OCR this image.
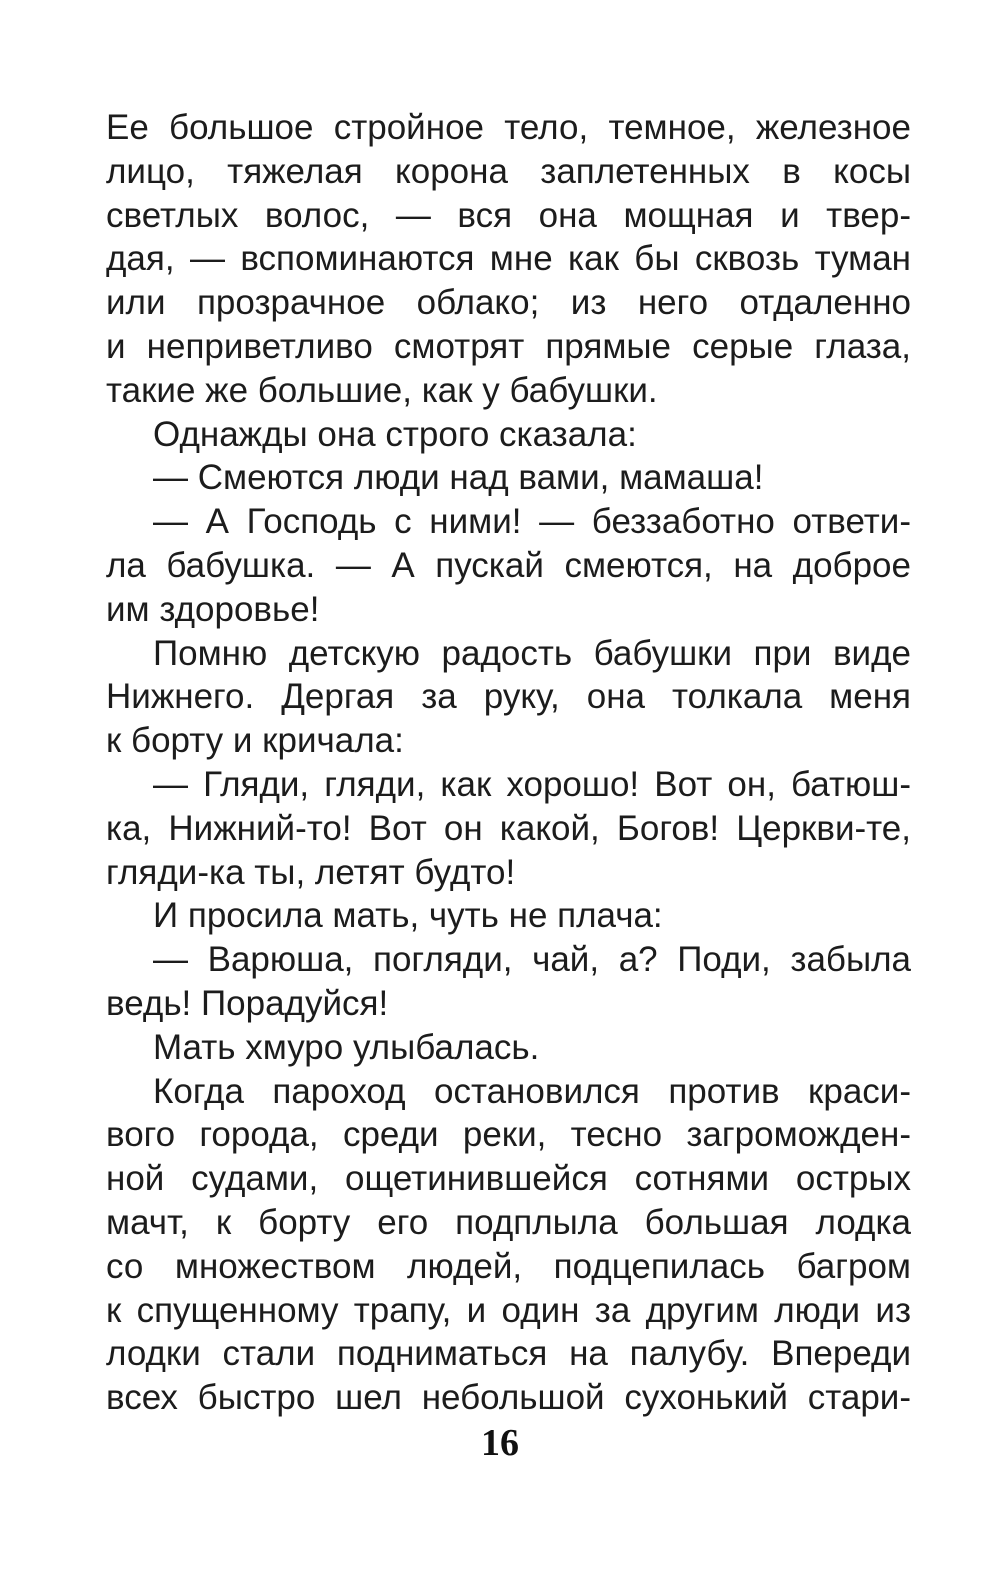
Ее большое стройное тело, темное, железное
лицо, тяжелая корона заплетенных в косы
светлых волос, — вся она мощная и твер-
дая, — вспоминаются мне как бы сквозь туман
или прозрачное облако; из него отдаленно
и неприветливо смотрят прямые серые глаза,
такие же большие, как у бабушки.

Однажды она строго сказала:

— Смеются люди над вами, мамаша!

— А Господь с ними! — беззаботно ответи-
ла бабушка. — А пускай смеются, на доброе
им здоровье!

Помню детскую радость бабушки при виде
Нижнего. Дергая за руку, она толкала меня
к борту и кричала:

— Гляди, гляди, как хорошо! Вот он, батюш-
ка, Нижний-то! Вот он какой, Богов! Церкви-те,
гляди-ка ты, летят будто!

И просила мать, чуть не плача:

— Варюша, погляди, чай, а? Поди, забыла
ведь! Порадуйся!

Мать хмуро улыбалась.

Когда пароход остановился против краси-
вого города, среди реки, тесно загроможден-
ной судами, ощетинившейся сотнями острых
мачт, к борту его подплыла большая лодка
со множеством людей, подцепилась багром
к спущенному трапу, и один за другим люди из
лодки стали подниматься на палубу. Впереди
всех быстро шел небольшой сухонький стари-

16
